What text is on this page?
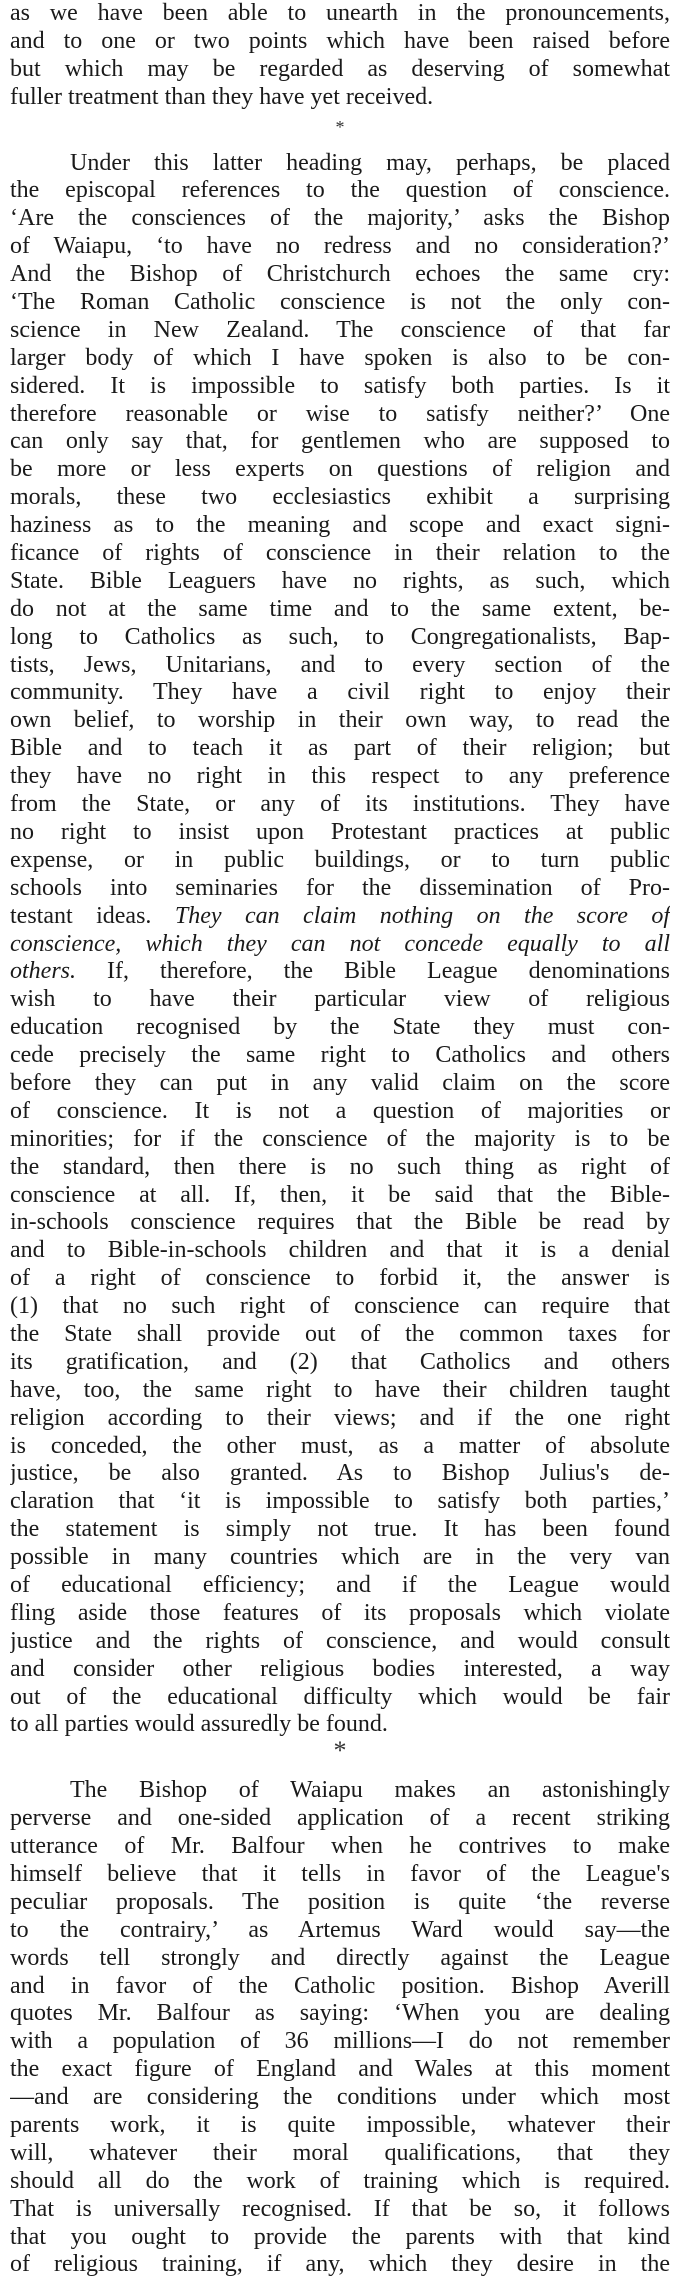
as we have been able to unearth in the pronouncements,
and to one or two points which have been raised before
but which may be regarded as deserving of somewhat
fuller treatment than they have yet received.
*
Under this latter heading may, perhaps, be placed
the episcopal references to the question of conscience.
‘Are the consciences of the majority,’ asks the Bishop
of Waiapu, ‘to have no redress and no consideration?’
And the Bishop of Christchurch echoes the same cry:
‘The Roman Catholic conscience is not the only con-
science in New Zealand. The conscience of that far
larger body of which I have spoken is also to be con-
sidered. It is impossible to satisfy both parties. Is it
therefore reasonable or wise to satisfy neither?’ One
can only say that, for gentlemen who are supposed to
be more or less experts on questions of religion and
morals, these two ecclesiastics exhibit a surprising
haziness as to the meaning and scope and exact signi-
ficance of rights of conscience in their relation to the
State. Bible Leaguers have no rights, as such, which
do not at the same time and to the same extent, be-
long to Catholics as such, to Congregationalists, Bap-
tists, Jews, Unitarians, and to every section of the
community. They have a civil right to enjoy their
own belief, to worship in their own way, to read the
Bible and to teach it as part of their religion; but
they have no right in this respect to any preference
from the State, or any of its institutions. They have
no right to insist upon Protestant practices at public
expense, or in public buildings, or to turn public
schools into seminaries for the dissemination of Pro-
testant ideas. They can claim nothing on the score of
conscience, which they can not concede equally to all
others. If, therefore, the Bible League denominations
wish to have their particular view of religious
education recognised by the State they must con-
cede precisely the same right to Catholics and others
before they can put in any valid claim on the score
of conscience. It is not a question of majorities or
minorities; for if the conscience of the majority is to be
the standard, then there is no such thing as right of
conscience at all. If, then, it be said that the Bible-
in-schools conscience requires that the Bible be read by
and to Bible-in-schools children and that it is a denial
of a right of conscience to forbid it, the answer is
(1) that no such right of conscience can require that
the State shall provide out of the common taxes for
its gratification, and (2) that Catholics and others
have, too, the same right to have their children taught
religion according to their views; and if the one right
is conceded, the other must, as a matter of absolute
justice, be also granted. As to Bishop Julius's de-
claration that ‘it is impossible to satisfy both parties,’
the statement is simply not true. It has been found
possible in many countries which are in the very van
of educational efficiency; and if the League would
fling aside those features of its proposals which violate
justice and the rights of conscience, and would consult
and consider other religious bodies interested, a way
out of the educational difficulty which would be fair
to all parties would assuredly be found.
*
The Bishop of Waiapu makes an astonishingly
perverse and one-sided application of a recent striking
utterance of Mr. Balfour when he contrives to make
himself believe that it tells in favor of the League's
peculiar proposals. The position is quite ‘the reverse
to the contrairy,’ as Artemus Ward would say—the
words tell strongly and directly against the League
and in favor of the Catholic position. Bishop Averill
quotes Mr. Balfour as saying: ‘When you are dealing
with a population of 36 millions—I do not remember
the exact figure of England and Wales at this moment
—and are considering the conditions under which most
parents work, it is quite impossible, whatever their
will, whatever their moral qualifications, that they
should all do the work of training which is required.
That is universally recognised. If that be so, it follows
that you ought to provide the parents with that kind
of religious training, if any, which they desire in the
